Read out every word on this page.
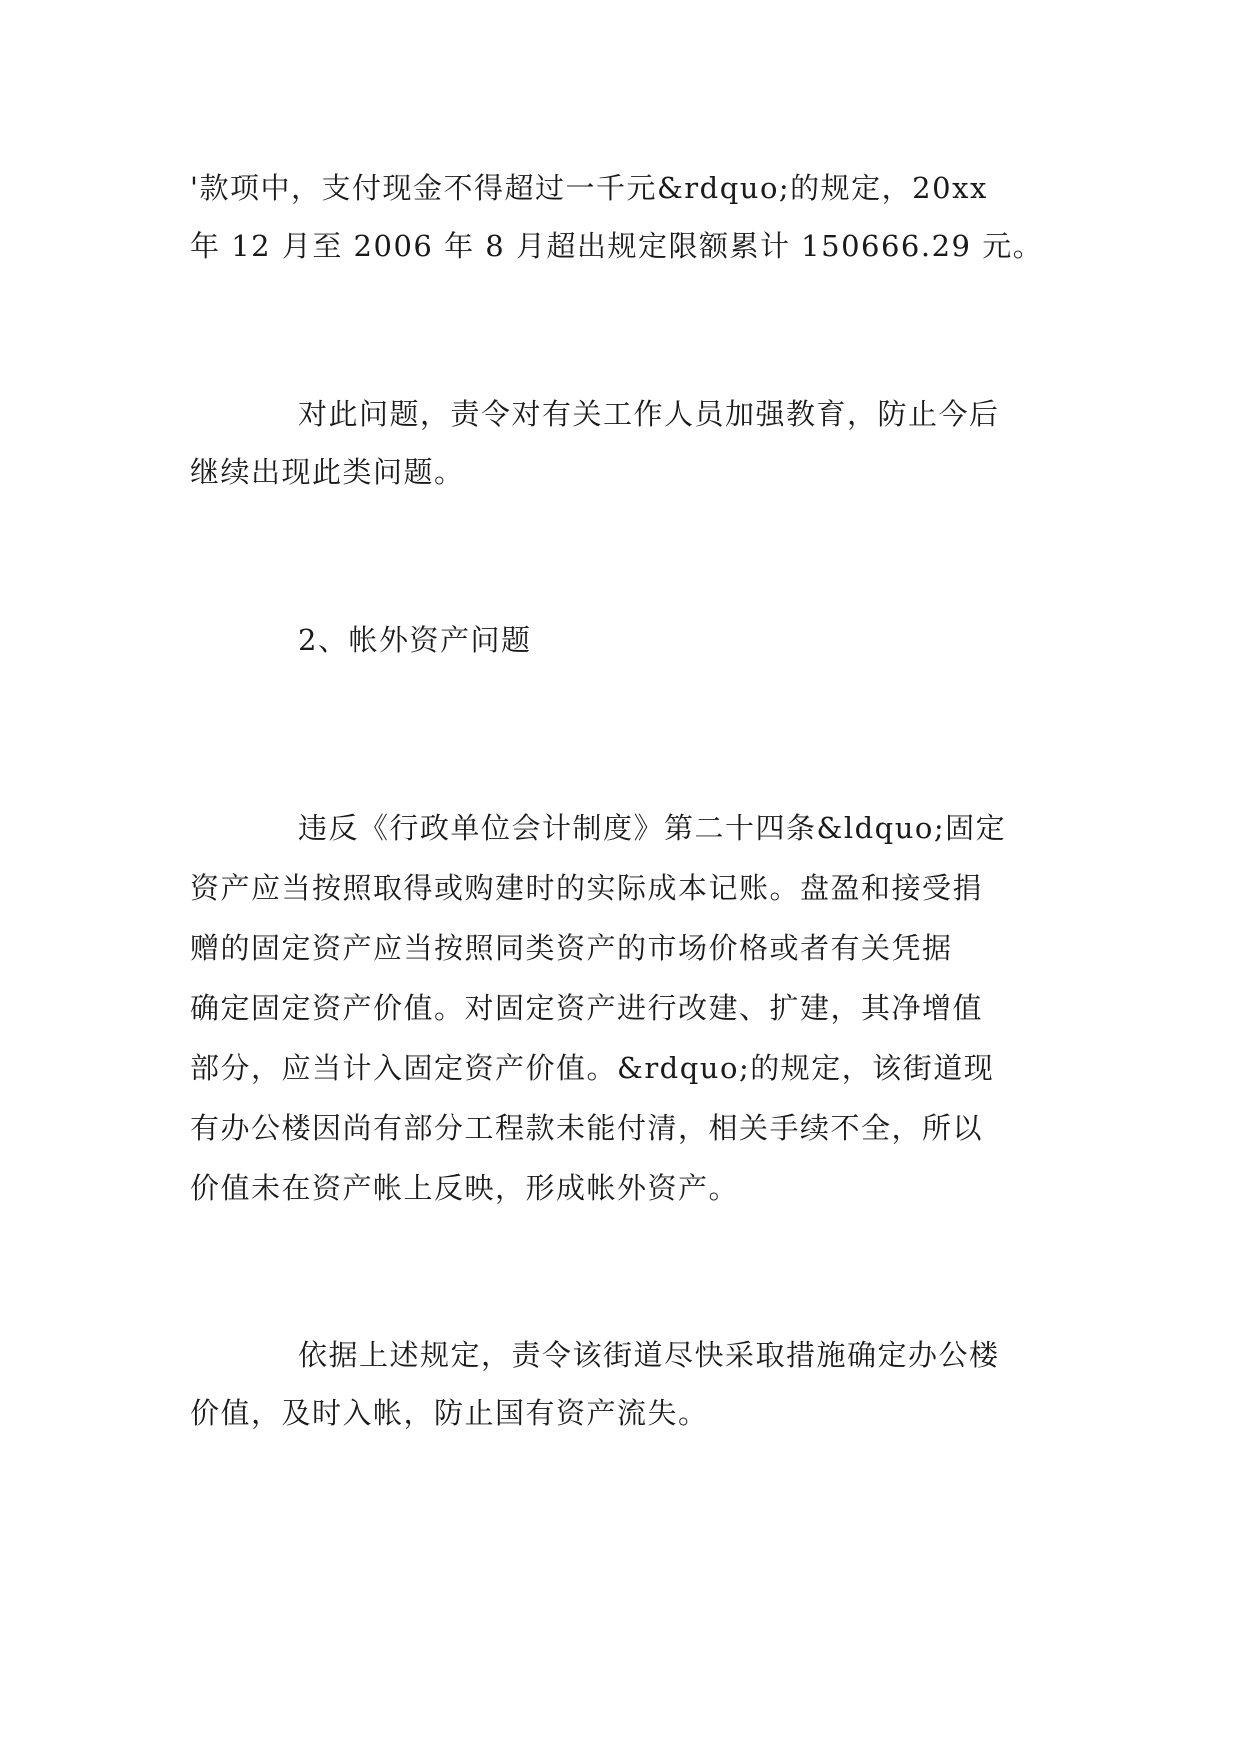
'款项中，支付现金不得超过一千元&rdquo;的规定，20xx
年 12 月至 2006 年 8 月超出规定限额累计 150666.29 元。
对此问题，责令对有关工作人员加强教育，防止今后
继续出现此类问题。
2、帐外资产问题
违反《行政单位会计制度》第二十四条&ldquo;固定
资产应当按照取得或购建时的实际成本记账。盘盈和接受捐
赠的固定资产应当按照同类资产的市场价格或者有关凭据
确定固定资产价值。对固定资产进行改建、扩建，其净增值
部分，应当计入固定资产价值。&rdquo;的规定，该街道现
有办公楼因尚有部分工程款未能付清，相关手续不全，所以
价值未在资产帐上反映，形成帐外资产。
依据上述规定，责令该街道尽快采取措施确定办公楼
价值，及时入帐，防止国有资产流失。
